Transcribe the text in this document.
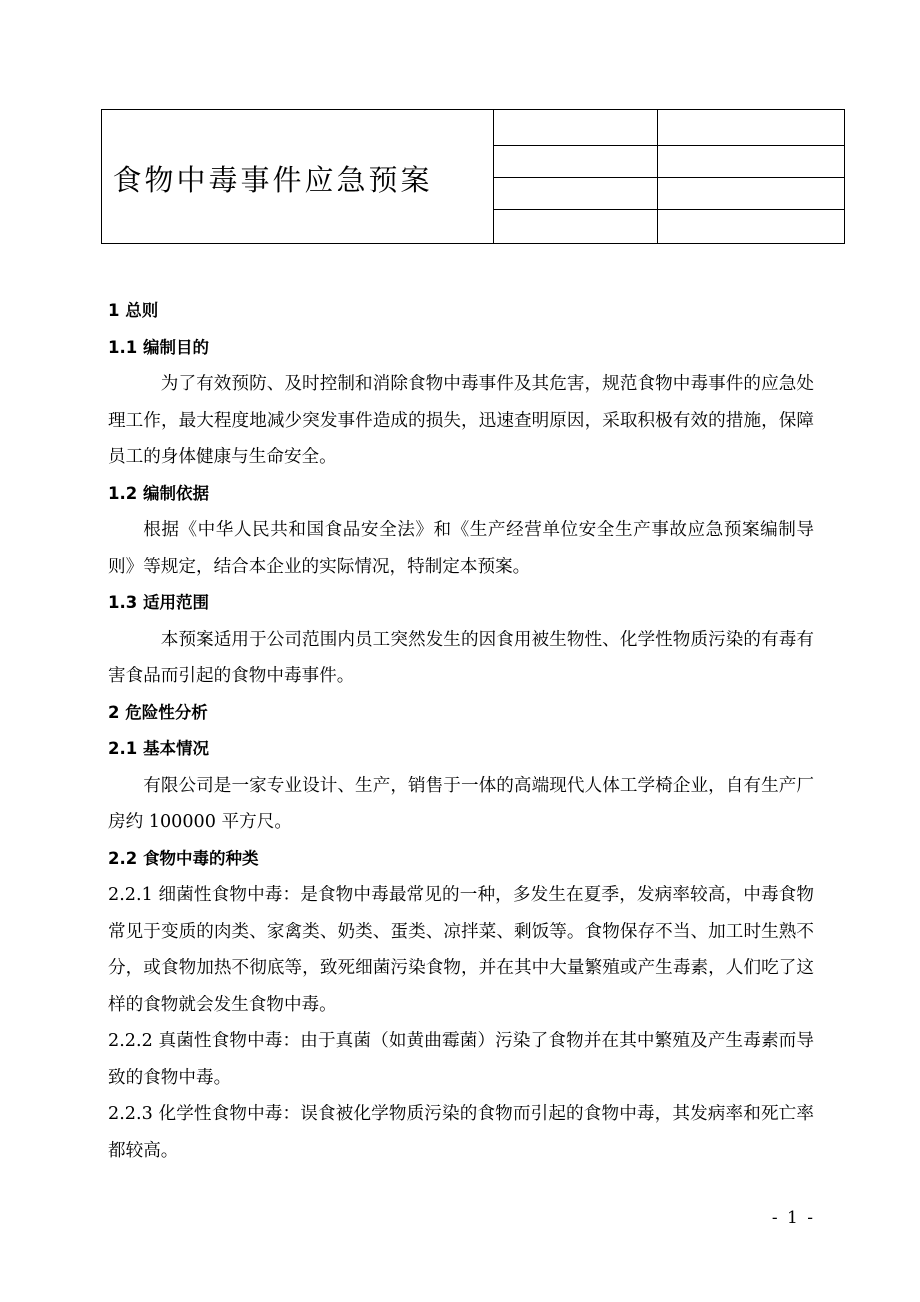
食物中毒事件应急预案		

1 总则

1.1 编制目的

为了有效预防、及时控制和消除食物中毒事件及其危害，规范食物中毒事件的应急处理工作，最大程度地减少突发事件造成的损失，迅速查明原因，采取积极有效的措施，保障员工的身体健康与生命安全。

1.2 编制依据

根据《中华人民共和国食品安全法》和《生产经营单位安全生产事故应急预案编制导则》等规定，结合本企业的实际情况，特制定本预案。

1.3 适用范围

本预案适用于公司范围内员工突然发生的因食用被生物性、化学性物质污染的有毒有害食品而引起的食物中毒事件。

2 危险性分析

2.1 基本情况

有限公司是一家专业设计、生产，销售于一体的高端现代人体工学椅企业，自有生产厂房约 100000 平方尺。

2.2 食物中毒的种类

2.2.1 细菌性食物中毒：是食物中毒最常见的一种，多发生在夏季，发病率较高，中毒食物常见于变质的肉类、家禽类、奶类、蛋类、凉拌菜、剩饭等。食物保存不当、加工时生熟不分，或食物加热不彻底等，致死细菌污染食物，并在其中大量繁殖或产生毒素，人们吃了这样的食物就会发生食物中毒。

2.2.2 真菌性食物中毒：由于真菌（如黄曲霉菌）污染了食物并在其中繁殖及产生毒素而导致的食物中毒。

2.2.3 化学性食物中毒：误食被化学物质污染的食物而引起的食物中毒，其发病率和死亡率都较高。

- 1 -
